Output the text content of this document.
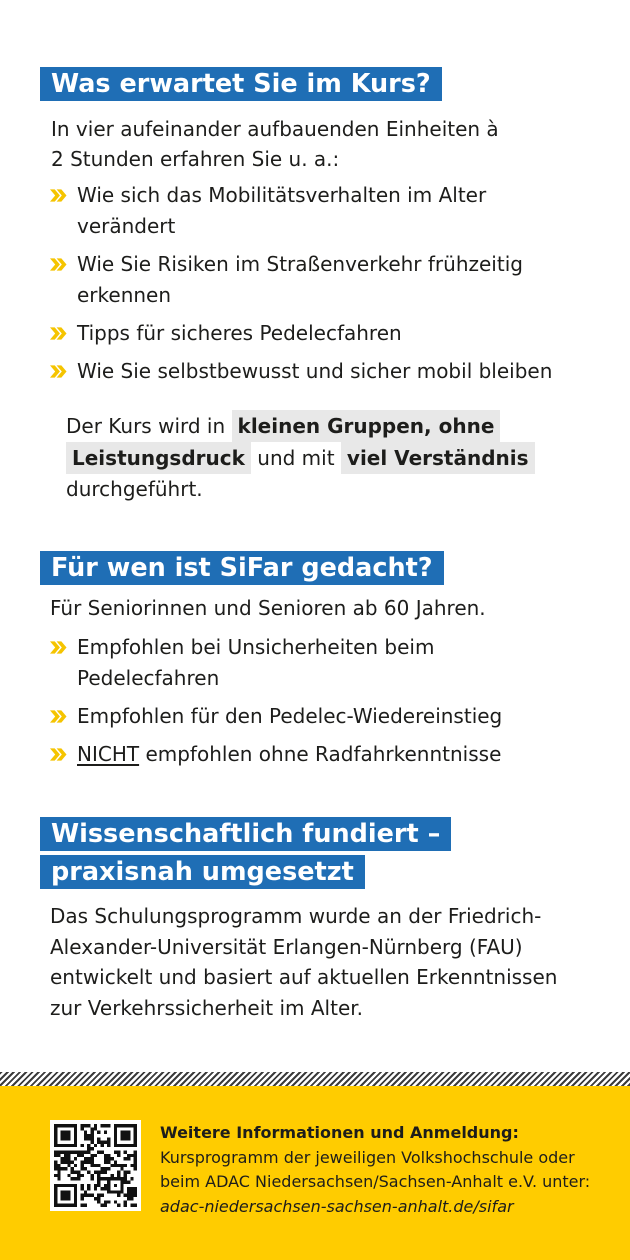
Was erwartet Sie im Kurs?
In vier aufeinander aufbauenden Einheiten à
2 Stunden erfahren Sie u. a.:
Wie sich das Mobilitätsverhalten im Alter
verändert
Wie Sie Risiken im Straßenverkehr frühzeitig
erkennen
Tipps für sicheres Pedelecfahren
Wie Sie selbstbewusst und sicher mobil bleiben

Der Kurs wird in kleinen Gruppen, ohne Leistungsdruck und mit viel Verständnis durchgeführt.

Für wen ist SiFar gedacht?
Für Seniorinnen und Senioren ab 60 Jahren.
Empfohlen bei Unsicherheiten beim
Pedelecfahren
Empfohlen für den Pedelec-Wiedereinstieg
NICHT empfohlen ohne Radfahrkenntnisse
Wissenschaftlich fundiert –
praxisnah umgesetzt
Das Schulungsprogramm wurde an der Friedrich-
Alexander-Universität Erlangen-Nürnberg (FAU)
entwickelt und basiert auf aktuellen Erkenntnissen
zur Verkehrssicherheit im Alter.
Weitere Informationen und Anmeldung:
Kursprogramm der jeweiligen Volkshochschule oder
beim ADAC Niedersachsen/Sachsen-Anhalt e.V. unter:
adac-niedersachsen-sachsen-anhalt.de/sifar
